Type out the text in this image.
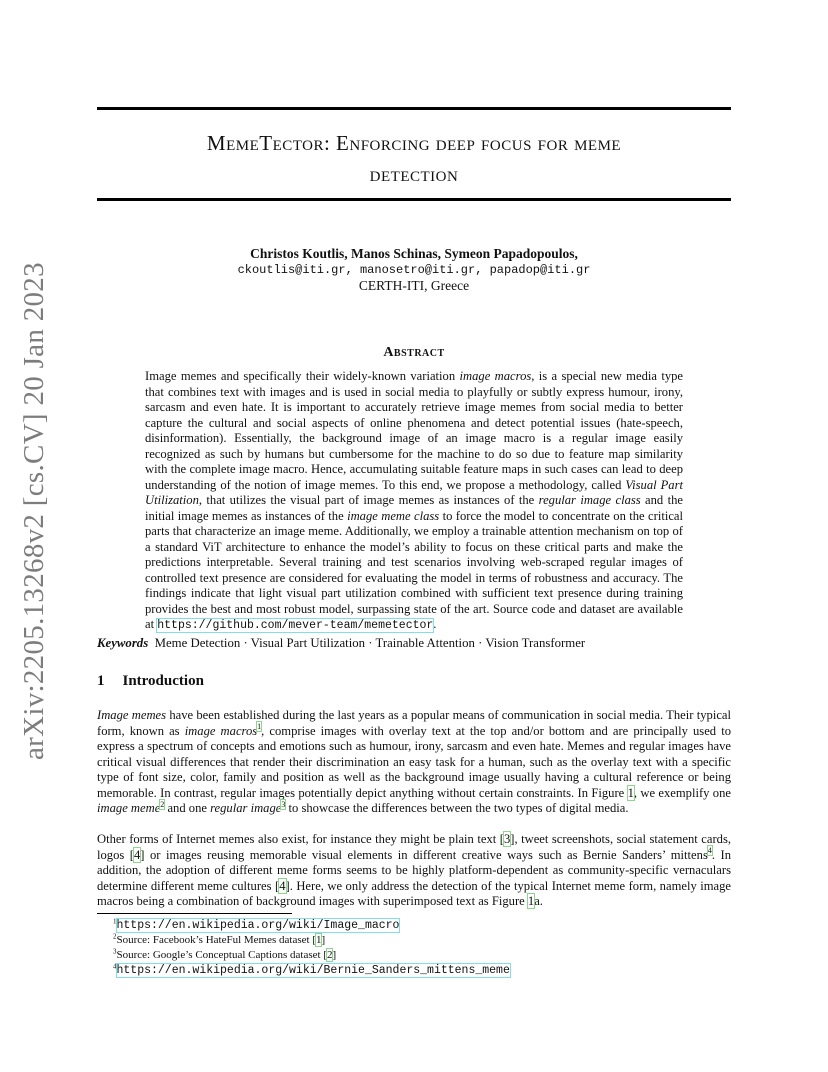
arXiv:2205.13268v2 [cs.CV] 20 Jan 2023
MemeTector: Enforcing deep focus for meme
detection
Christos Koutlis, Manos Schinas, Symeon Papadopoulos,
ckoutlis@iti.gr, manosetro@iti.gr, papadop@iti.gr
CERTH-ITI, Greece
Abstract
Image memes and specifically their widely-known variation image macros, is a special new media type that combines text with images and is used in social media to playfully or subtly express humour, irony, sarcasm and even hate. It is important to accurately retrieve image memes from social media to better capture the cultural and social aspects of online phenomena and detect potential issues (hate-speech, disinformation). Essentially, the background image of an image macro is a regular image easily recognized as such by humans but cumbersome for the machine to do so due to feature map similarity with the complete image macro. Hence, accumulating suitable feature maps in such cases can lead to deep understanding of the notion of image memes. To this end, we propose a methodology, called Visual Part Utilization, that utilizes the visual part of image memes as instances of the regular image class and the initial image memes as instances of the image meme class to force the model to concentrate on the critical parts that characterize an image meme. Additionally, we employ a trainable attention mechanism on top of a standard ViT architecture to enhance the model’s ability to focus on these critical parts and make the predictions interpretable. Several training and test scenarios involving web-scraped regular images of controlled text presence are considered for evaluating the model in terms of robustness and accuracy. The findings indicate that light visual part utilization combined with sufficient text presence during training provides the best and most robust model, surpassing state of the art. Source code and dataset are available at https://github.com/mever-team/memetector.
Keywords Meme Detection · Visual Part Utilization · Trainable Attention · Vision Transformer
1 Introduction
Image memes have been established during the last years as a popular means of communication in social media. Their typical form, known as image macros$^1$, comprise images with overlay text at the top and/or bottom and are principally used to express a spectrum of concepts and emotions such as humour, irony, sarcasm and even hate. Memes and regular images have critical visual differences that render their discrimination an easy task for a human, such as the overlay text with a specific type of font size, color, family and position as well as the background image usually having a cultural reference or being memorable. In contrast, regular images potentially depict anything without certain constraints. In Figure 1, we exemplify one image meme$^2$ and one regular image$^3$ to showcase the differences between the two types of digital media.
Other forms of Internet memes also exist, for instance they might be plain text [3], tweet screenshots, social statement cards, logos [4] or images reusing memorable visual elements in different creative ways such as Bernie Sanders’ mittens$^4$. In addition, the adoption of different meme forms seems to be highly platform-dependent as community-specific vernaculars determine different meme cultures [4]. Here, we only address the detection of the typical Internet meme form, namely image macros being a combination of background images with superimposed text as Figure 1a.
$^1$https://en.wikipedia.org/wiki/Image_macro
$^2$Source: Facebook’s HateFul Memes dataset [1]
$^3$Source: Google’s Conceptual Captions dataset [2]
$^4$https://en.wikipedia.org/wiki/Bernie_Sanders_mittens_meme
